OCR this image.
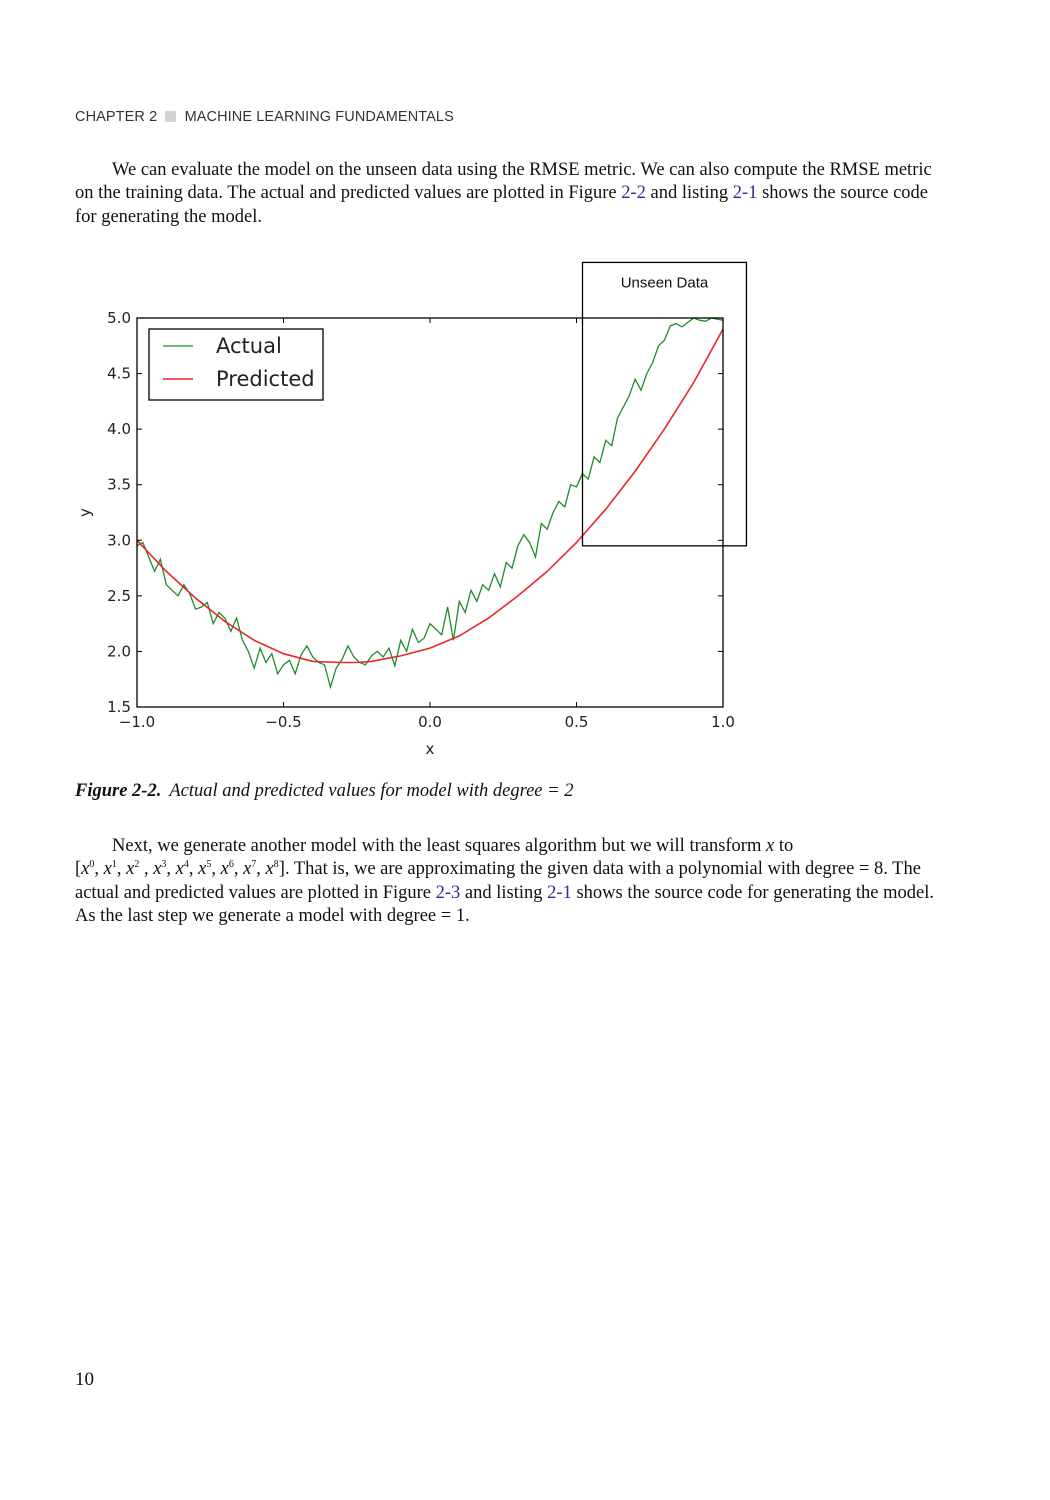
CHAPTER 2 MACHINE LEARNING FUNDAMENTALS
We can evaluate the model on the unseen data using the RMSE metric. We can also compute the RMSE metric on the training data. The actual and predicted values are plotted in Figure 2-2 and listing 2-1 shows the source code for generating the model.
−1.0	−0.5	0.0	0.5	1.0
1.5
2.0
2.5
3.0
3.5
4.0
4.5
5.0
x
y
Actual
Predicted
Unseen Data
Figure 2-2. Actual and predicted values for model with degree = 2
Next, we generate another model with the least squares algorithm but we will transform x to
[$x^0$, $x^1$, $x^2$ , $x^3$, $x^4$, $x^5$, $x^6$, $x^7$, $x^8$]. That is, we are approximating the given data with a polynomial with degree = 8. The actual and predicted values are plotted in Figure 2-3 and listing 2-1 shows the source code for generating the model. As the last step we generate a model with degree = 1.
10
